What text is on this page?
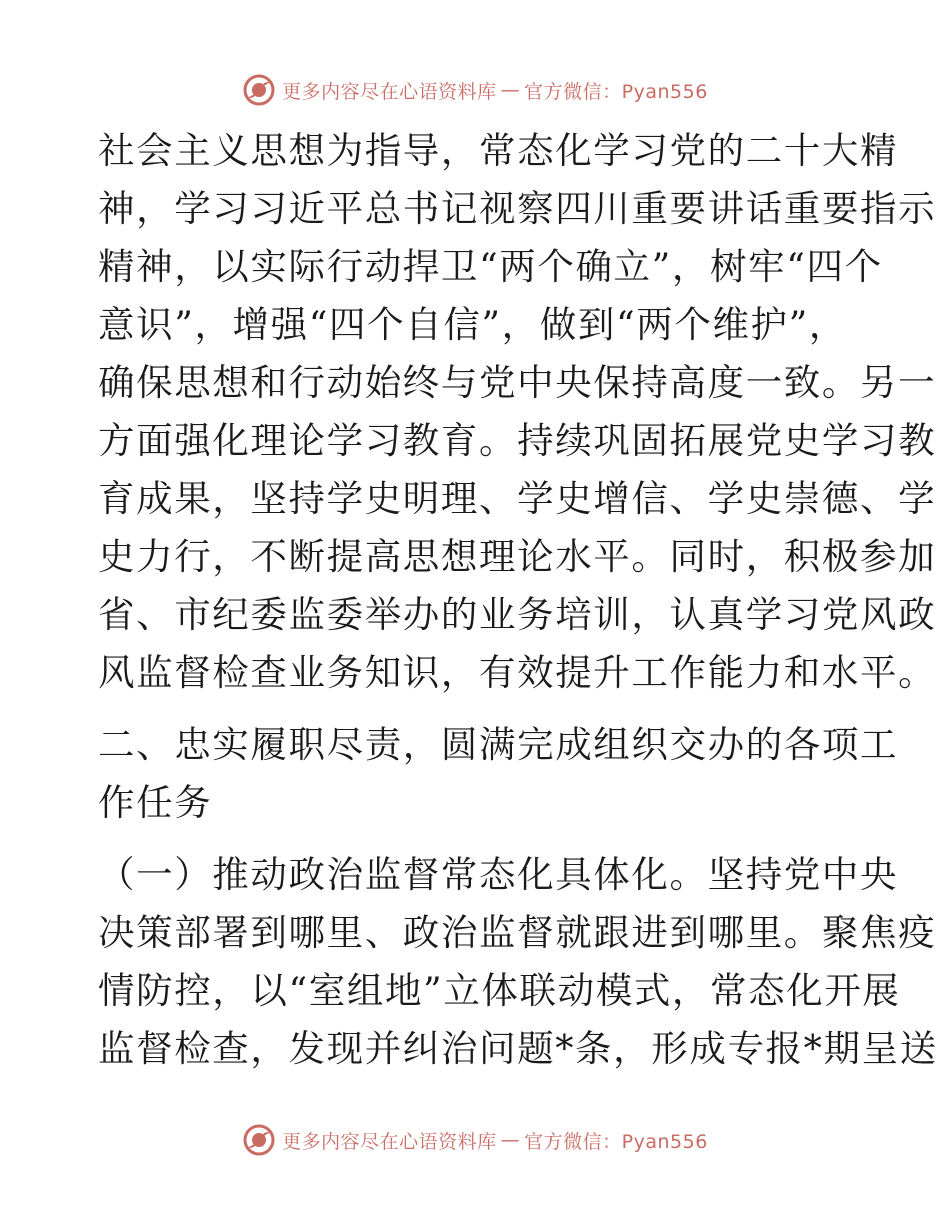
更多内容尽在心语资料库 — 官方微信：Pyan556
社会主义思想为指导，常态化学习党的二十大精
神，学习习近平总书记视察四川重要讲话重要指示
精神，以实际行动捍卫“两个确立”，树牢“四个
意识”，增强“四个自信”，做到“两个维护”，
确保思想和行动始终与党中央保持高度一致。另一
方面强化理论学习教育。持续巩固拓展党史学习教
育成果，坚持学史明理、学史增信、学史崇德、学
史力行，不断提高思想理论水平。同时，积极参加
省、市纪委监委举办的业务培训，认真学习党风政
风监督检查业务知识，有效提升工作能力和水平。
二、忠实履职尽责，圆满完成组织交办的各项工
作任务
（一）推动政治监督常态化具体化。坚持党中央
决策部署到哪里、政治监督就跟进到哪里。聚焦疫
情防控，以“室组地”立体联动模式，常态化开展
监督检查，发现并纠治问题*条，形成专报*期呈送
更多内容尽在心语资料库 — 官方微信：Pyan556
